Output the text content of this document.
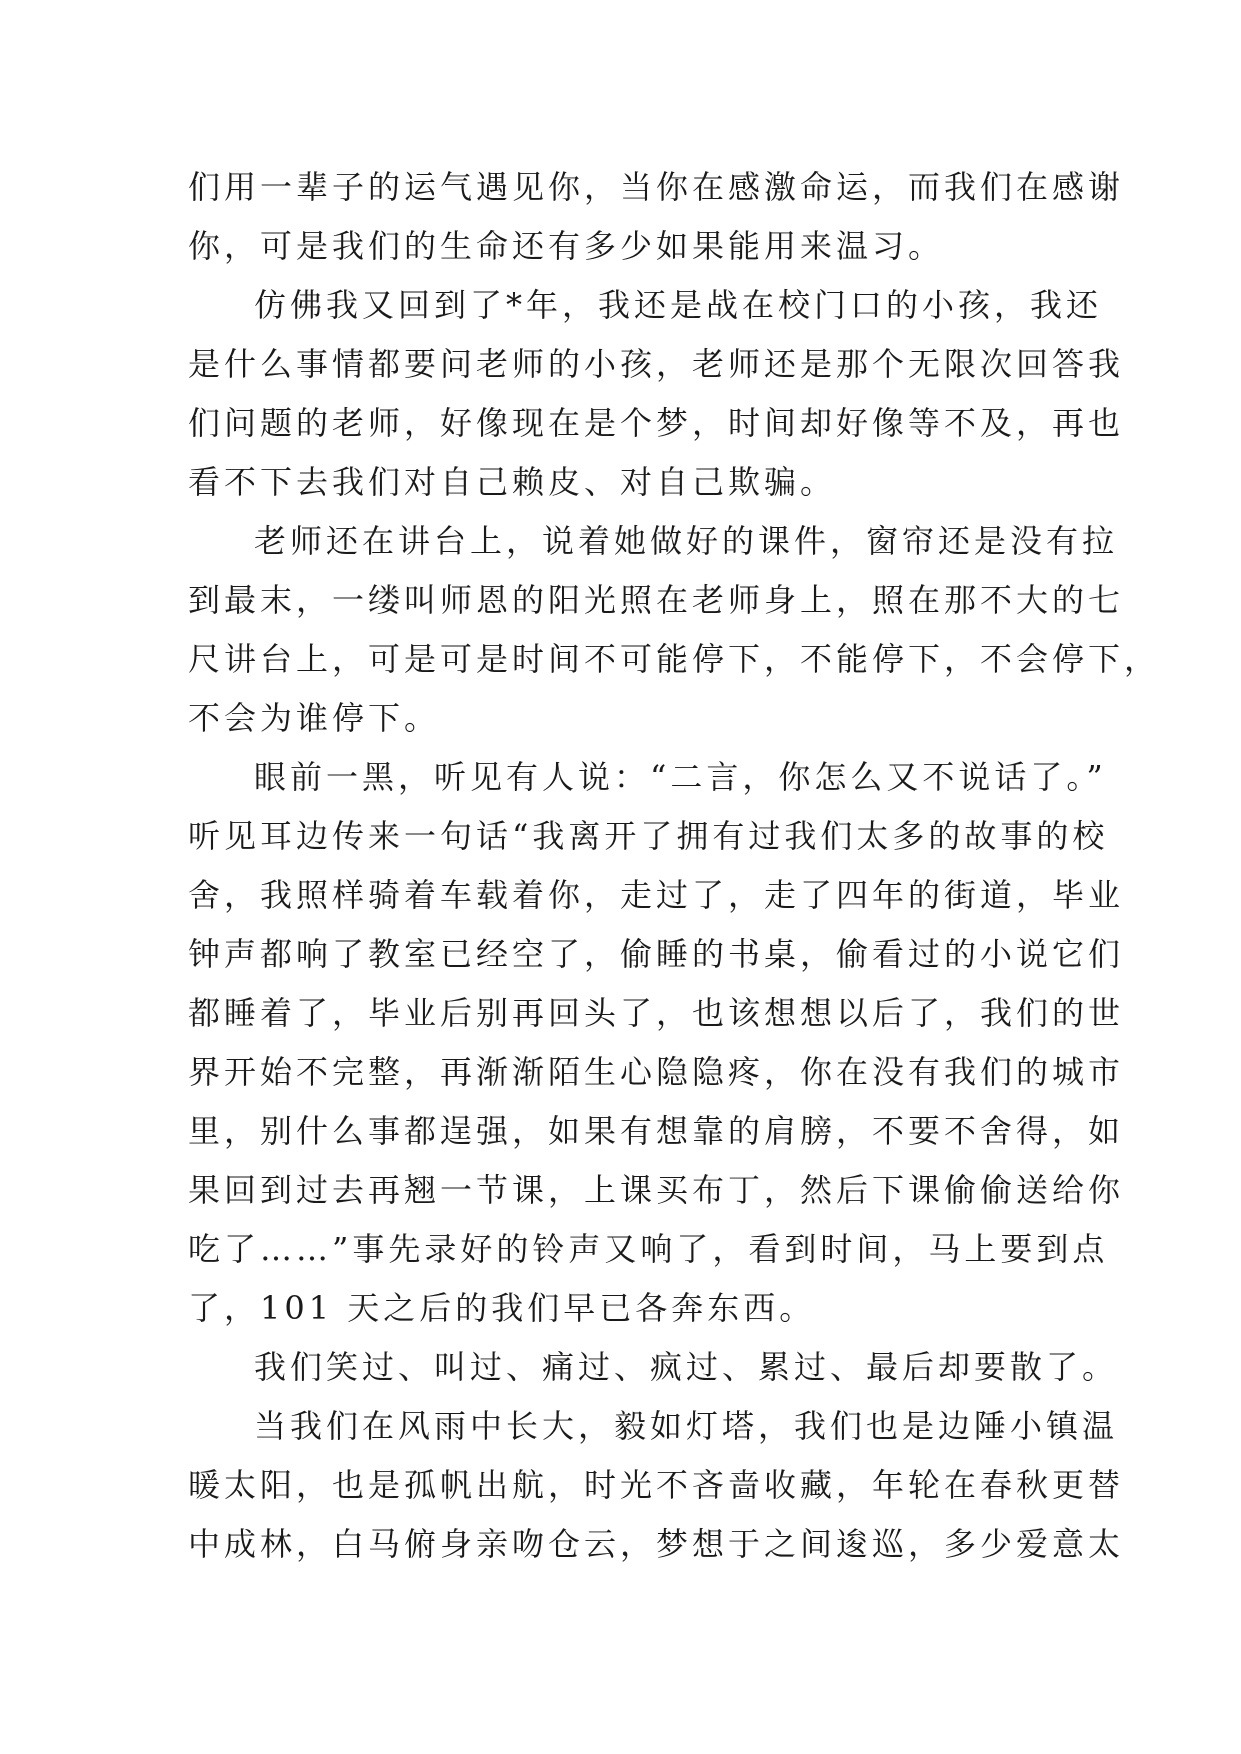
们用一辈子的运气遇见你，当你在感激命运，而我们在感谢
你，可是我们的生命还有多少如果能用来温习。
仿佛我又回到了*年，我还是战在校门口的小孩，我还
是什么事情都要问老师的小孩，老师还是那个无限次回答我
们问题的老师，好像现在是个梦，时间却好像等不及，再也
看不下去我们对自己赖皮、对自己欺骗。
老师还在讲台上，说着她做好的课件，窗帘还是没有拉
到最末，一缕叫师恩的阳光照在老师身上，照在那不大的七
尺讲台上，可是可是时间不可能停下，不能停下，不会停下，
不会为谁停下。
眼前一黑，听见有人说：“二言，你怎么又不说话了。”
听见耳边传来一句话“我离开了拥有过我们太多的故事的校
舍，我照样骑着车载着你，走过了，走了四年的街道，毕业
钟声都响了教室已经空了，偷睡的书桌，偷看过的小说它们
都睡着了，毕业后别再回头了，也该想想以后了，我们的世
界开始不完整，再渐渐陌生心隐隐疼，你在没有我们的城市
里，别什么事都逞强，如果有想靠的肩膀，不要不舍得，如
果回到过去再翘一节课，上课买布丁，然后下课偷偷送给你
吃了……”事先录好的铃声又响了，看到时间，马上要到点
了，101 天之后的我们早已各奔东西。
我们笑过、叫过、痛过、疯过、累过、最后却要散了。
当我们在风雨中长大，毅如灯塔，我们也是边陲小镇温
暖太阳，也是孤帆出航，时光不吝啬收藏，年轮在春秋更替
中成林，白马俯身亲吻仓云，梦想于之间逡巡，多少爱意太
